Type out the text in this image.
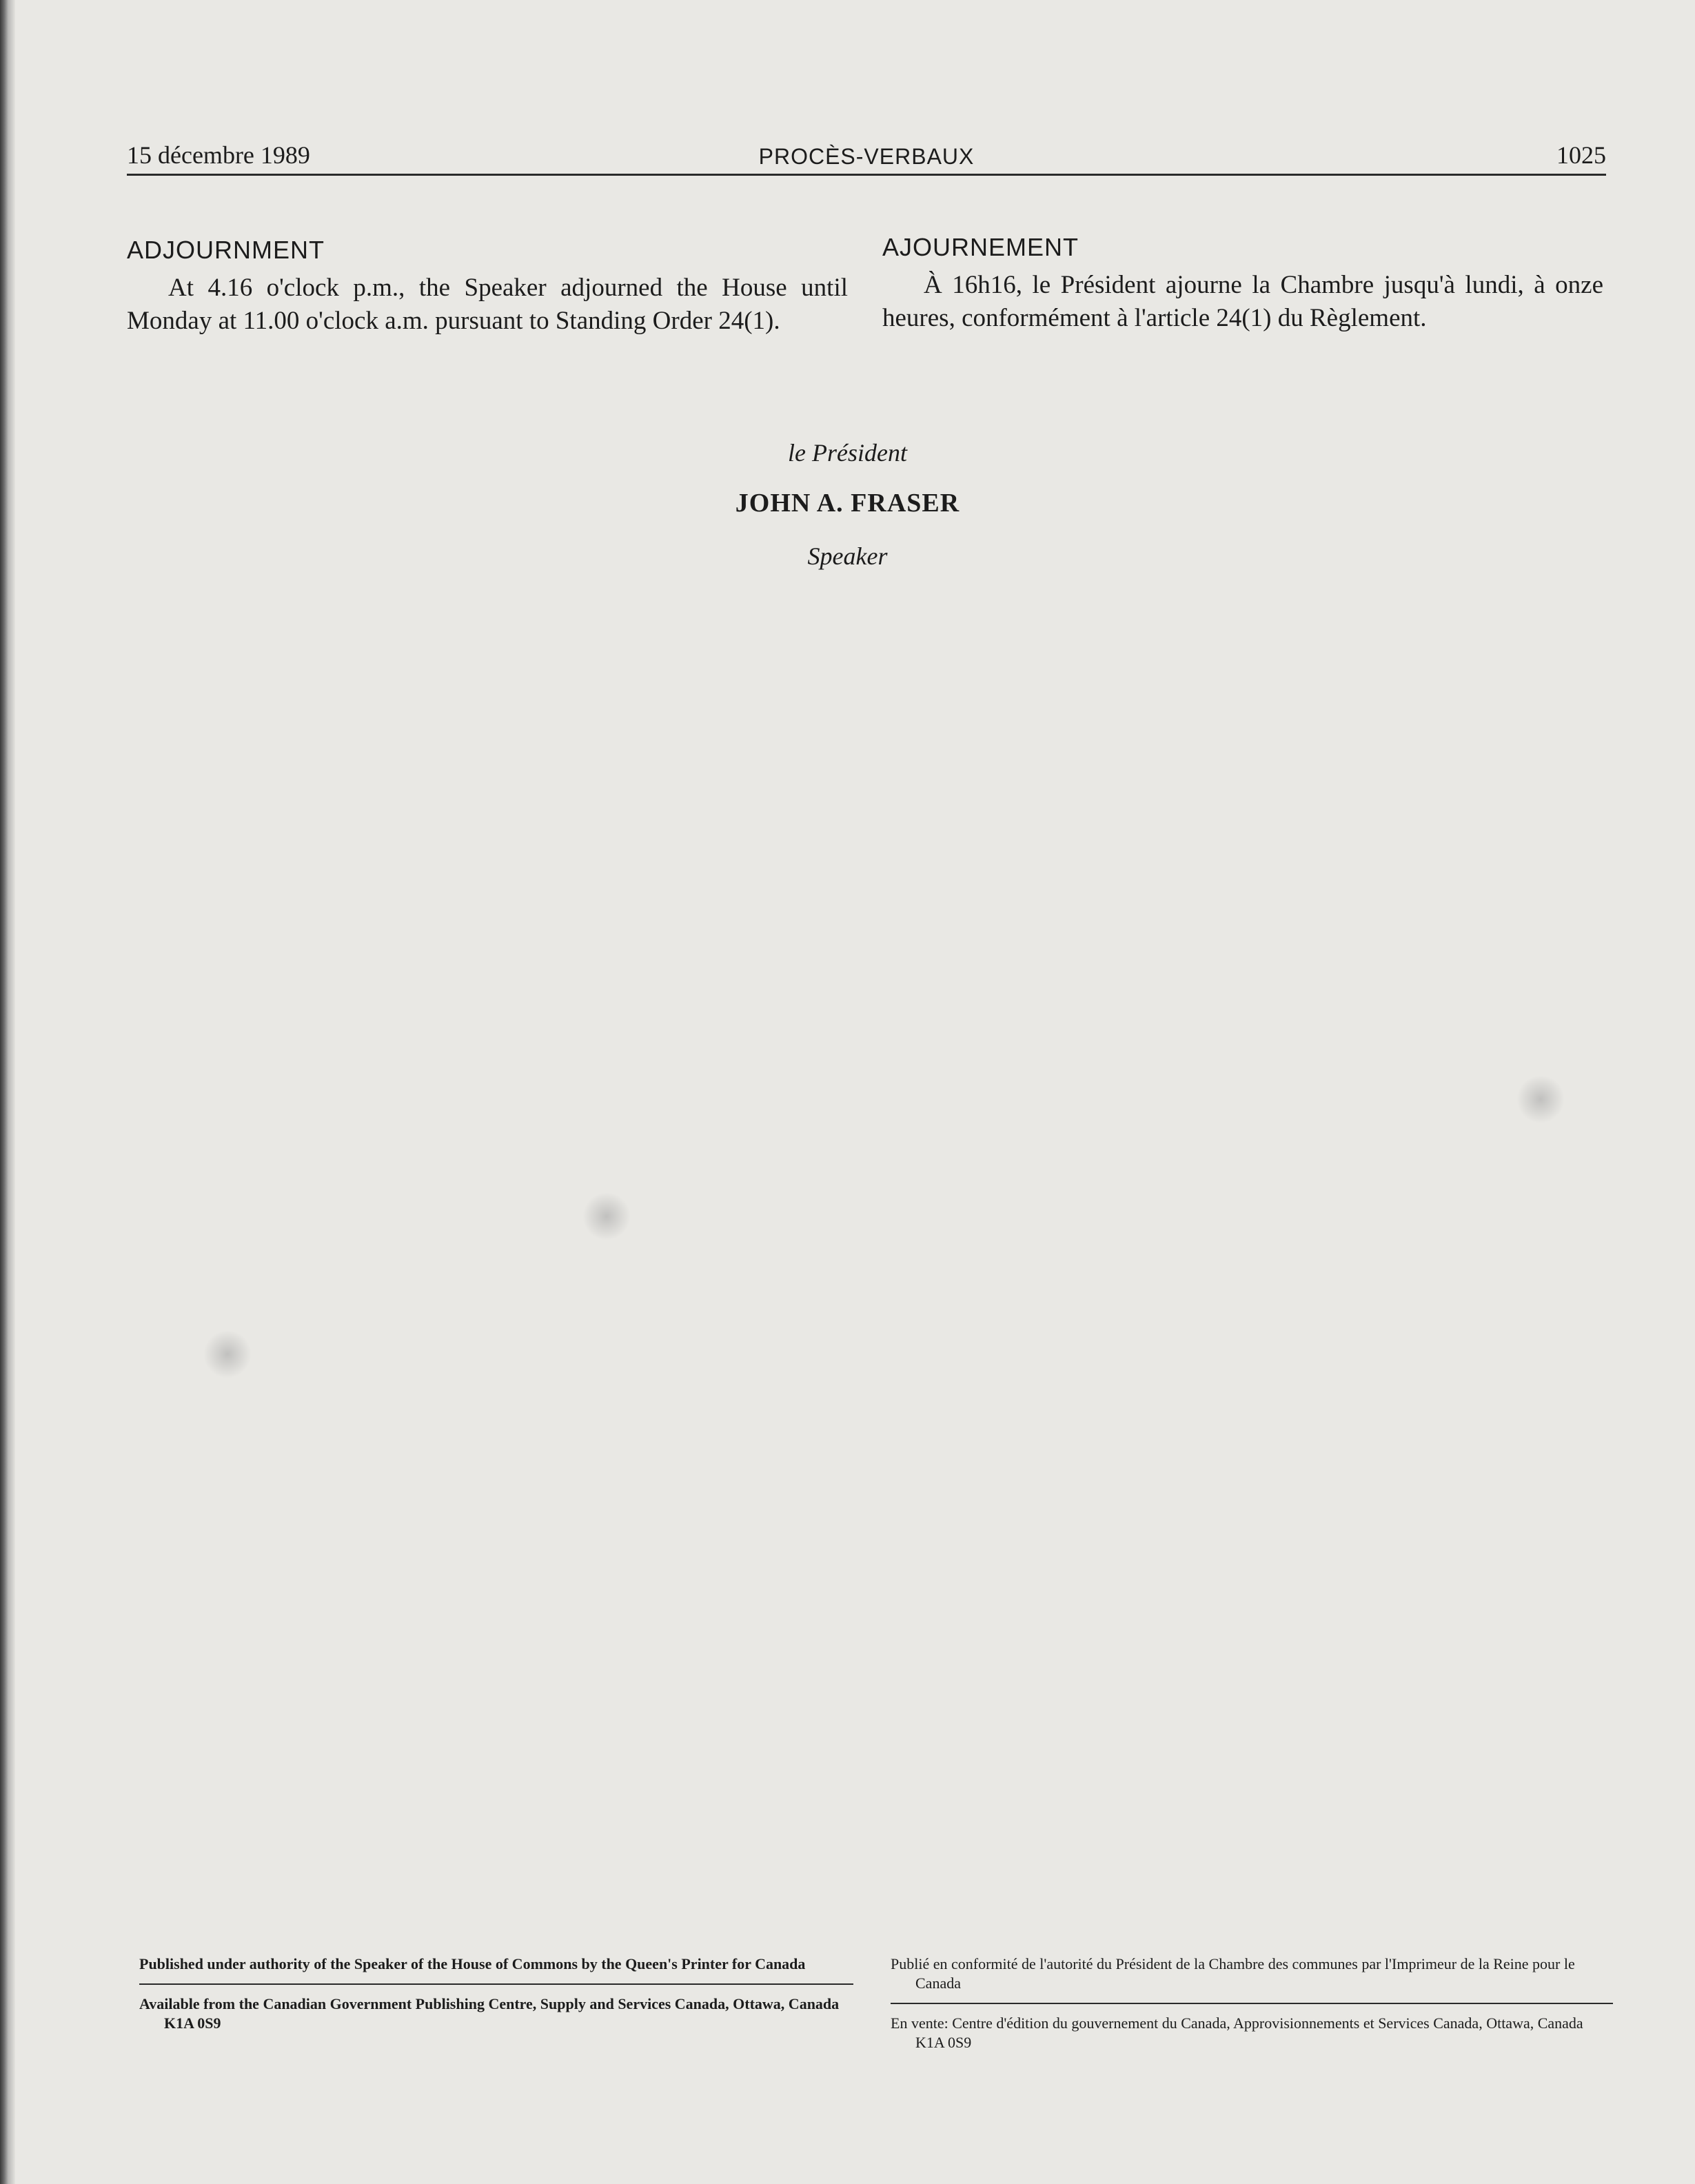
15 décembre 1989	PROCÈS-VERBAUX	1025
ADJOURNMENT

At 4.16 o'clock p.m., the Speaker adjourned the House until Monday at 11.00 o'clock a.m. pursuant to Standing Order 24(1).

AJOURNEMENT

À 16h16, le Président ajourne la Chambre jusqu'à lundi, à onze heures, conformément à l'article 24(1) du Règlement.

le Président
JOHN A. FRASER
Speaker
Published under authority of the Speaker of the House of Commons by the Queen's Printer for Canada
Available from the Canadian Government Publishing Centre, Supply and Services Canada, Ottawa, Canada K1A 0S9
Publié en conformité de l'autorité du Président de la Chambre des communes par l'Imprimeur de la Reine pour le Canada
En vente: Centre d'édition du gouvernement du Canada, Approvisionnements et Services Canada, Ottawa, Canada K1A 0S9
